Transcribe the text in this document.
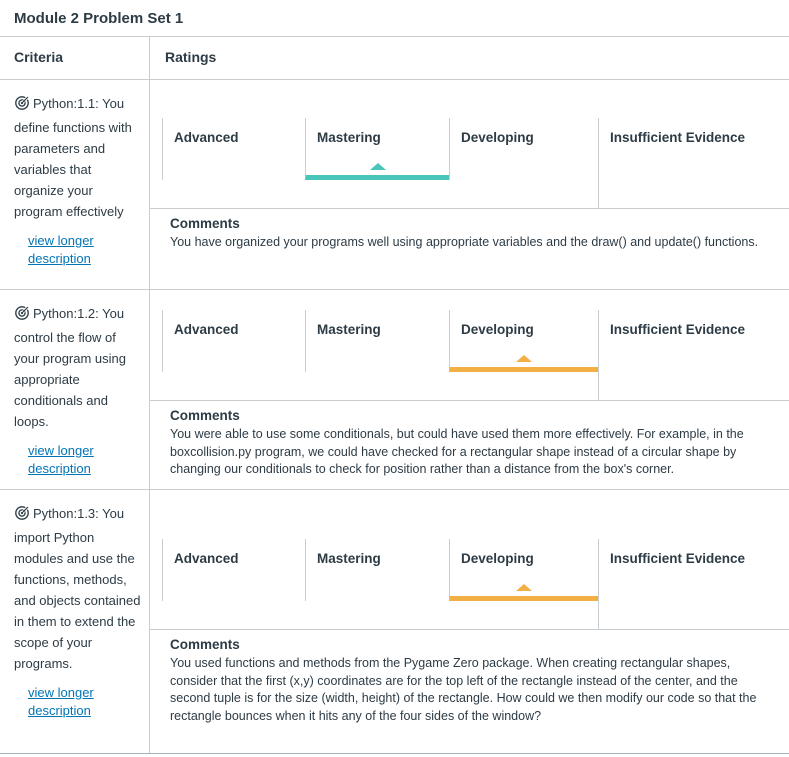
Module 2 Problem Set 1
Criteria	Ratings

Python:1.1: You define functions with parameters and variables that organize your program effectively

view longer description
Advanced	Mastering	Developing	Insufficient Evidence
Comments
You have organized your programs well using appropriate variables and the draw() and update() functions.

Python:1.2: You control the flow of your program using appropriate conditionals and loops.

view longer description
Advanced	Mastering	Developing	Insufficient Evidence
Comments
You were able to use some conditionals, but could have used them more effectively. For example, in the boxcollision.py program, we could have checked for a rectangular shape instead of a circular shape by changing our conditionals to check for position rather than a distance from the box's corner.

Python:1.3: You import Python modules and use the functions, methods, and objects contained in them to extend the scope of your programs.

view longer description
Advanced	Mastering	Developing	Insufficient Evidence
Comments
You used functions and methods from the Pygame Zero package. When creating rectangular shapes, consider that the first (x,y) coordinates are for the top left of the rectangle instead of the center, and the second tuple is for the size (width, height) of the rectangle. How could we then modify our code so that the rectangle bounces when it hits any of the four sides of the window?
